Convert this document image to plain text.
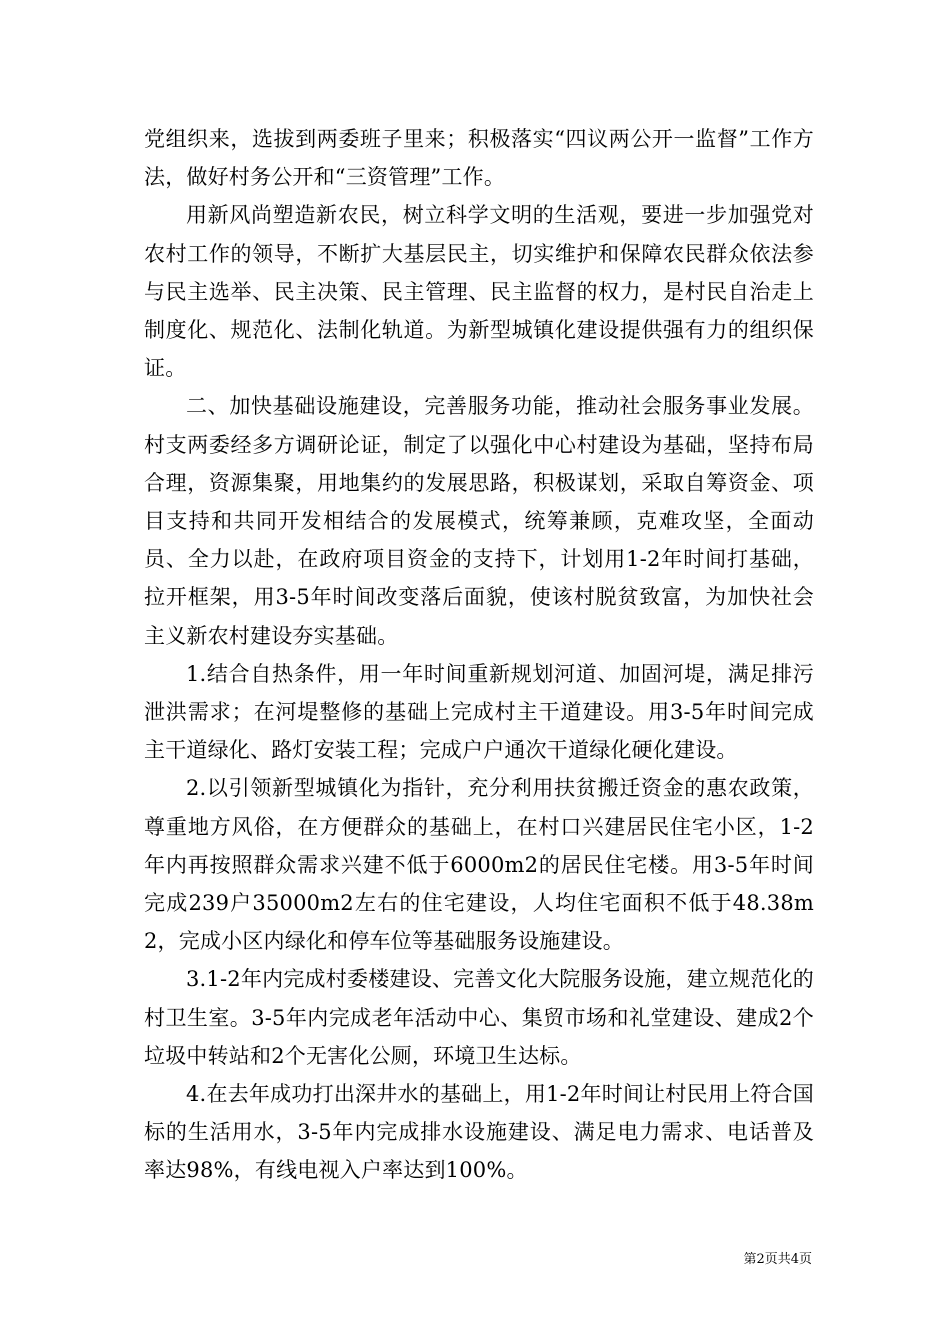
党组织来，选拔到两委班子里来；积极落实“四议两公开一监督”工作方法，做好村务公开和“三资管理”工作。

用新风尚塑造新农民，树立科学文明的生活观，要进一步加强党对农村工作的领导，不断扩大基层民主，切实维护和保障农民群众依法参与民主选举、民主决策、民主管理、民主监督的权力，是村民自治走上制度化、规范化、法制化轨道。为新型城镇化建设提供强有力的组织保证。

二、加快基础设施建设，完善服务功能，推动社会服务事业发展。村支两委经多方调研论证，制定了以强化中心村建设为基础，坚持布局合理，资源集聚，用地集约的发展思路，积极谋划，采取自筹资金、项目支持和共同开发相结合的发展模式，统筹兼顾，克难攻坚，全面动员、全力以赴，在政府项目资金的支持下，计划用1-2年时间打基础，拉开框架，用3-5年时间改变落后面貌，使该村脱贫致富，为加快社会主义新农村建设夯实基础。

1.结合自热条件，用一年时间重新规划河道、加固河堤，满足排污泄洪需求；在河堤整修的基础上完成村主干道建设。用3-5年时间完成主干道绿化、路灯安装工程；完成户户通次干道绿化硬化建设。

2.以引领新型城镇化为指针，充分利用扶贫搬迁资金的惠农政策，尊重地方风俗，在方便群众的基础上，在村口兴建居民住宅小区，1-2年内再按照群众需求兴建不低于6000m2的居民住宅楼。用3-5年时间完成239户35000m2左右的住宅建设，人均住宅面积不低于48.38m2，完成小区内绿化和停车位等基础服务设施建设。

3.1-2年内完成村委楼建设、完善文化大院服务设施，建立规范化的村卫生室。3-5年内完成老年活动中心、集贸市场和礼堂建设、建成2个垃圾中转站和2个无害化公厕，环境卫生达标。

4.在去年成功打出深井水的基础上，用1-2年时间让村民用上符合国标的生活用水，3-5年内完成排水设施建设、满足电力需求、电话普及率达98%，有线电视入户率达到100%。

第2页共4页
